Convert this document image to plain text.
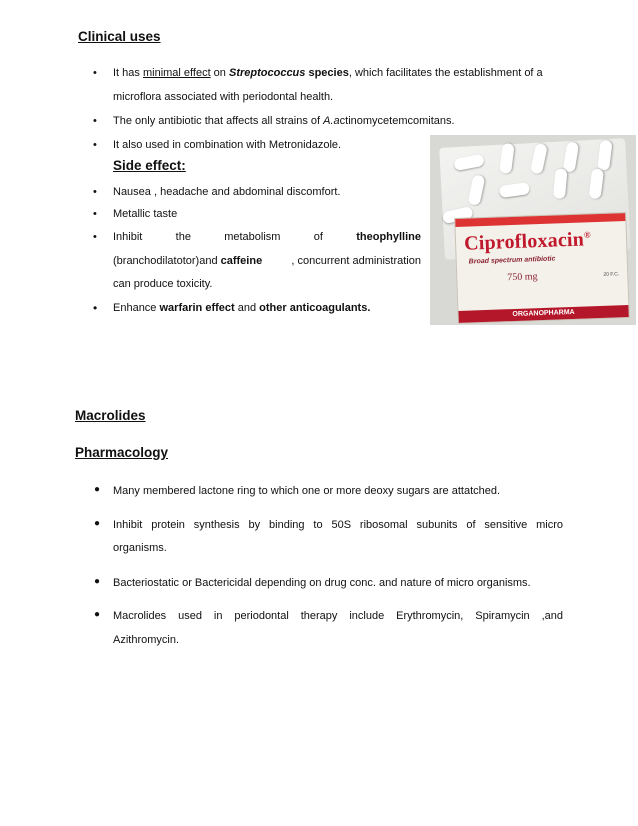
Clinical uses
• It has minimal effect on Streptococcus species, which facilitates the establishment of a
microflora associated with periodontal health.
• The only antibiotic that affects all strains of A.actinomycetemcomitans.
• It also used in combination with Metronidazole.
Side effect:
• Nausea , headache and abdominal discomfort.
• Metallic taste
• Inhibit	the	metabolism	of	theophylline
(branchodilatotor)and caffeine	, concurrent administration
can produce toxicity.
• Enhance warfarin effect and other anticoagulants.
Ciprofloxacin®
Broad spectrum antibiotic
750 mg	20 F.C.
ORGANOPHARMA
Macrolides
Pharmacology
● Many membered lactone ring to which one or more deoxy sugars are attatched.
● Inhibit protein synthesis by binding to 50S ribosomal subunits of sensitive micro
organisms.
● Bacteriostatic or Bactericidal depending on drug conc. and nature of micro organisms.
● Macrolides used in periodontal therapy include Erythromycin, Spiramycin ,and
Azithromycin.
